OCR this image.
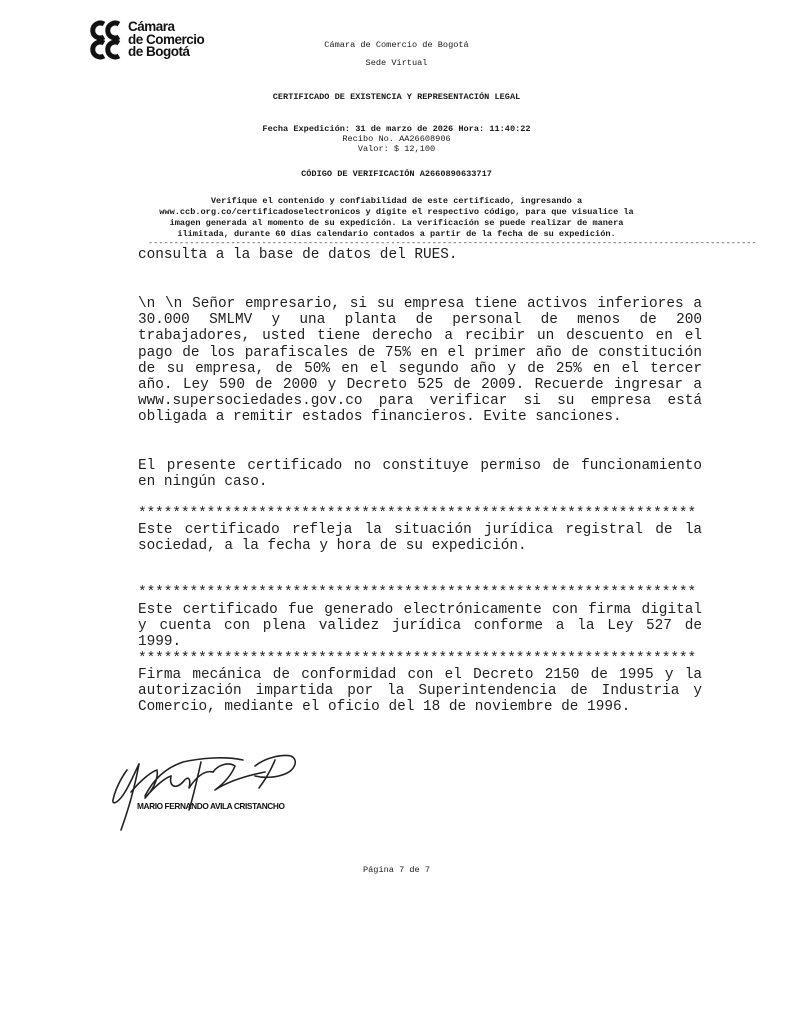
Cámara
de Comercio
de Bogotá	Cámara de Comercio de Bogotá
Sede Virtual
CERTIFICADO DE EXISTENCIA Y REPRESENTACIÓN LEGAL
Fecha Expedición: 31 de marzo de 2026 Hora: 11:40:22
Recibo No. AA26608906
Valor: $ 12,100
CÓDIGO DE VERIFICACIÓN A2660890633717
Verifique el contenido y confiabilidad de este certificado, ingresando a
www.ccb.org.co/certificadoselectronicos y digite el respectivo código, para que visualice la
imagen generada al momento de su expedición. La verificación se puede realizar de manera
ilimitada, durante 60 días calendario contados a partir de la fecha de su expedición.
----------------------------------------------------------------------------------------------------------------------

consulta a la base de datos del RUES.

\n \n Señor empresario, si su empresa tiene activos inferiores a 30.000 SMLMV y una planta de personal de menos de 200 trabajadores, usted tiene derecho a recibir un descuento en el pago de los parafiscales de 75% en el primer año de constitución de su empresa, de 50% en el segundo año y de 25% en el tercer año. Ley 590 de 2000 y Decreto 525 de 2009. Recuerde ingresar a www.supersociedades.gov.co para verificar si su empresa está obligada a remitir estados financieros. Evite sanciones.

El presente certificado no constituye permiso de funcionamiento en ningún caso.

*****************************************************************

Este certificado refleja la situación jurídica registral de la sociedad, a la fecha y hora de su expedición.

*****************************************************************

Este certificado fue generado electrónicamente con firma digital y cuenta con plena validez jurídica conforme a la Ley 527 de 1999.

*****************************************************************

Firma mecánica de conformidad con el Decreto 2150 de 1995 y la autorización impartida por la Superintendencia de Industria y Comercio, mediante el oficio del 18 de noviembre de 1996.

MARIO FERNANDO AVILA CRISTANCHO
Página 7 de 7
